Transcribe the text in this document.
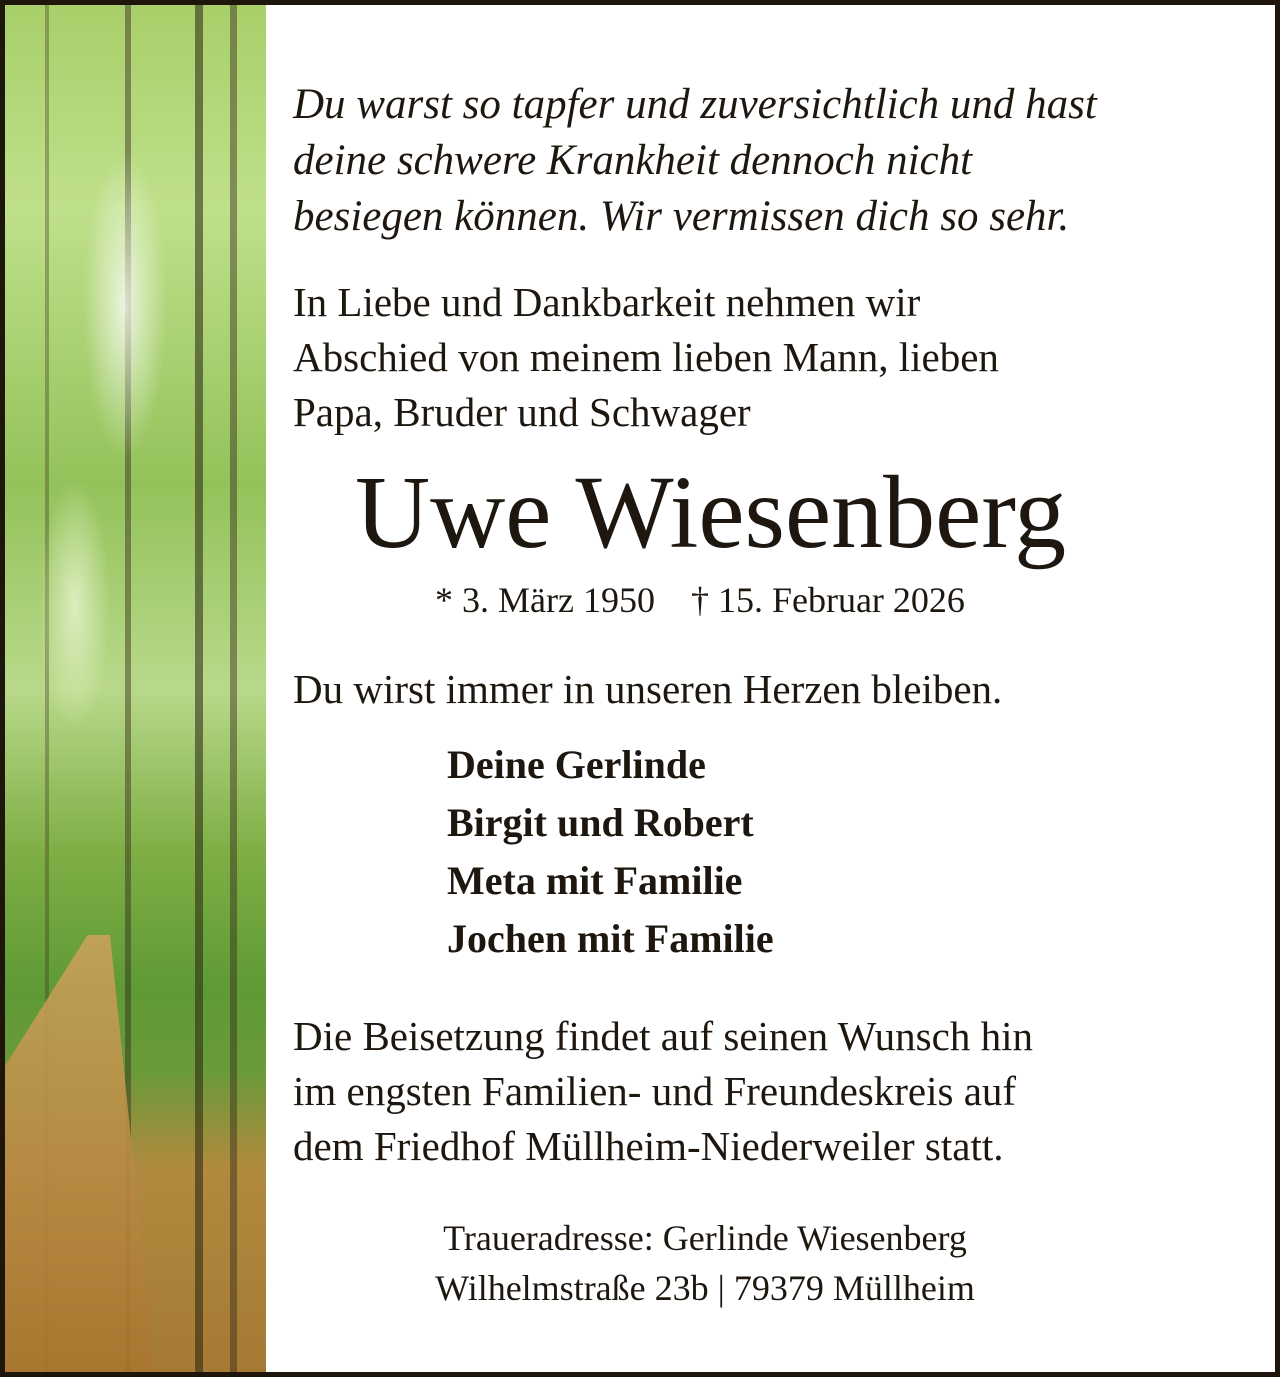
Du warst so tapfer und zuversichtlich und hast
deine schwere Krankheit dennoch nicht
besiegen können. Wir vermissen dich so sehr.
In Liebe und Dankbarkeit nehmen wir
Abschied von meinem lieben Mann, lieben
Papa, Bruder und Schwager
Uwe Wiesenberg
* 3. März 1950 † 15. Februar 2026
Du wirst immer in unseren Herzen bleiben.
Deine Gerlinde
Birgit und Robert
Meta mit Familie
Jochen mit Familie
Die Beisetzung findet auf seinen Wunsch hin
im engsten Familien- und Freundeskreis auf
dem Friedhof Müllheim-Niederweiler statt.
Traueradresse: Gerlinde Wiesenberg
Wilhelmstraße 23b | 79379 Müllheim
